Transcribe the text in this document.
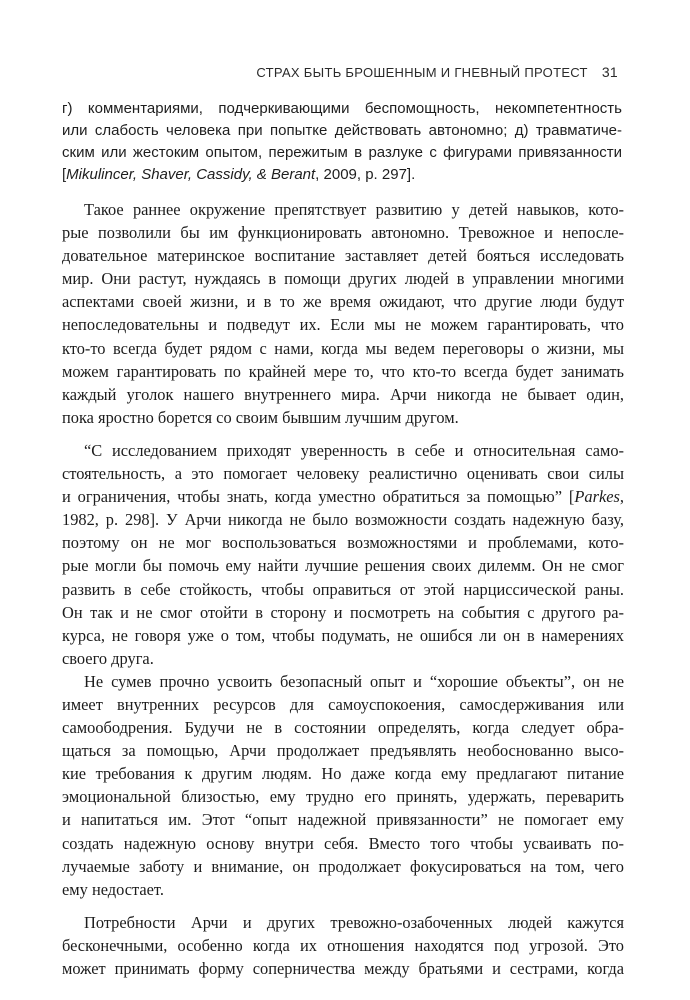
СТРАХ БЫТЬ БРОШЕННЫМ И ГНЕВНЫЙ ПРОТЕСТ 31
г) комментариями, подчеркивающими беспомощность, некомпетентность
или слабость человека при попытке действовать автономно; д) травматиче-
ским или жестоким опытом, пережитым в разлуке с фигурами привязанности
[Mikulincer, Shaver, Cassidy, & Berant, 2009, p. 297].
Такое раннее окружение препятствует развитию у детей навыков, кото-
рые позволили бы им функционировать автономно. Тревожное и непосле-
довательное материнское воспитание заставляет детей бояться исследовать
мир. Они растут, нуждаясь в помощи других людей в управлении многими
аспектами своей жизни, и в то же время ожидают, что другие люди будут
непоследовательны и подведут их. Если мы не можем гарантировать, что
кто-то всегда будет рядом с нами, когда мы ведем переговоры о жизни, мы
можем гарантировать по крайней мере то, что кто-то всегда будет занимать
каждый уголок нашего внутреннего мира. Арчи никогда не бывает один,
пока яростно борется со своим бывшим лучшим другом.
“С исследованием приходят уверенность в себе и относительная само-
стоятельность, а это помогает человеку реалистично оценивать свои силы
и ограничения, чтобы знать, когда уместно обратиться за помощью” [Parkes,
1982, p. 298]. У Арчи никогда не было возможности создать надежную базу,
поэтому он не мог воспользоваться возможностями и проблемами, кото-
рые могли бы помочь ему найти лучшие решения своих дилемм. Он не смог
развить в себе стойкость, чтобы оправиться от этой нарциссической раны.
Он так и не смог отойти в сторону и посмотреть на события с другого ра-
курса, не говоря уже о том, чтобы подумать, не ошибся ли он в намерениях
своего друга.
Не сумев прочно усвоить безопасный опыт и “хорошие объекты”, он не
имеет внутренних ресурсов для самоуспокоения, самосдерживания или
самоободрения. Будучи не в состоянии определять, когда следует обра-
щаться за помощью, Арчи продолжает предъявлять необоснованно высо-
кие требования к другим людям. Но даже когда ему предлагают питание
эмоциональной близостью, ему трудно его принять, удержать, переварить
и напитаться им. Этот “опыт надежной привязанности” не помогает ему
создать надежную основу внутри себя. Вместо того чтобы усваивать по-
лучаемые заботу и внимание, он продолжает фокусироваться на том, чего
ему недостает.
Потребности Арчи и других тревожно-озабоченных людей кажутся
бесконечными, особенно когда их отношения находятся под угрозой. Это
может принимать форму соперничества между братьями и сестрами, когда
